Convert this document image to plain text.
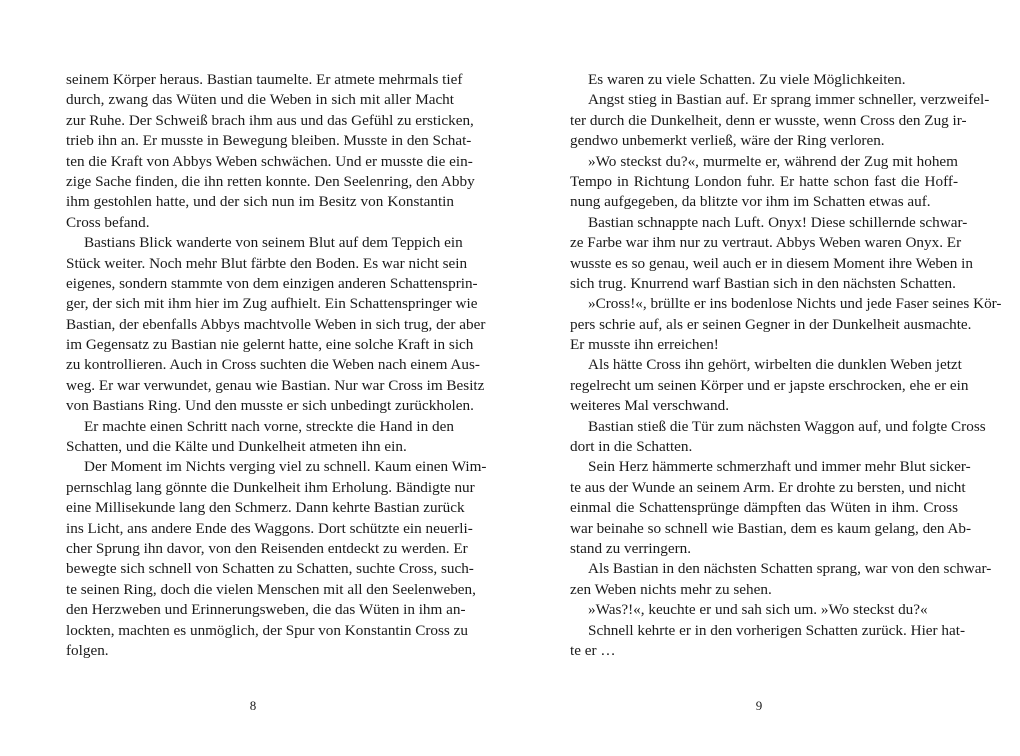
seinem Körper heraus. Bastian taumelte. Er atmete mehrmals tief
durch, zwang das Wüten und die Weben in sich mit aller Macht
zur Ruhe. Der Schweiß brach ihm aus und das Gefühl zu ersticken,
trieb ihn an. Er musste in Bewegung bleiben. Musste in den Schat-
ten die Kraft von Abbys Weben schwächen. Und er musste die ein-
zige Sache finden, die ihn retten konnte. Den Seelenring, den Abby
ihm gestohlen hatte, und der sich nun im Besitz von Konstantin
Cross befand.
Bastians Blick wanderte von seinem Blut auf dem Teppich ein
Stück weiter. Noch mehr Blut färbte den Boden. Es war nicht sein
eigenes, sondern stammte von dem einzigen anderen Schattensprin-
ger, der sich mit ihm hier im Zug aufhielt. Ein Schattenspringer wie
Bastian, der ebenfalls Abbys machtvolle Weben in sich trug, der aber
im Gegensatz zu Bastian nie gelernt hatte, eine solche Kraft in sich
zu kontrollieren. Auch in Cross suchten die Weben nach einem Aus-
weg. Er war verwundet, genau wie Bastian. Nur war Cross im Besitz
von Bastians Ring. Und den musste er sich unbedingt zurückholen.
Er machte einen Schritt nach vorne, streckte die Hand in den
Schatten, und die Kälte und Dunkelheit atmeten ihn ein.
Der Moment im Nichts verging viel zu schnell. Kaum einen Wim-
pernschlag lang gönnte die Dunkelheit ihm Erholung. Bändigte nur
eine Millisekunde lang den Schmerz. Dann kehrte Bastian zurück
ins Licht, ans andere Ende des Waggons. Dort schützte ein neuerli-
cher Sprung ihn davor, von den Reisenden entdeckt zu werden. Er
bewegte sich schnell von Schatten zu Schatten, suchte Cross, such-
te seinen Ring, doch die vielen Menschen mit all den Seelenweben,
den Herzweben und Erinnerungsweben, die das Wüten in ihm an-
lockten, machten es unmöglich, der Spur von Konstantin Cross zu
folgen.
8
Es waren zu viele Schatten. Zu viele Möglichkeiten.
Angst stieg in Bastian auf. Er sprang immer schneller, verzweifel-
ter durch die Dunkelheit, denn er wusste, wenn Cross den Zug ir-
gendwo unbemerkt verließ, wäre der Ring verloren.
»Wo steckst du?«, murmelte er, während der Zug mit hohem
Tempo in Richtung London fuhr. Er hatte schon fast die Hoff-
nung aufgegeben, da blitzte vor ihm im Schatten etwas auf.
Bastian schnappte nach Luft. Onyx! Diese schillernde schwar-
ze Farbe war ihm nur zu vertraut. Abbys Weben waren Onyx. Er
wusste es so genau, weil auch er in diesem Moment ihre Weben in
sich trug. Knurrend warf Bastian sich in den nächsten Schatten.
»Cross!«, brüllte er ins bodenlose Nichts und jede Faser seines Kör-
pers schrie auf, als er seinen Gegner in der Dunkelheit ausmachte.
Er musste ihn erreichen!
Als hätte Cross ihn gehört, wirbelten die dunklen Weben jetzt
regelrecht um seinen Körper und er japste erschrocken, ehe er ein
weiteres Mal verschwand.
Bastian stieß die Tür zum nächsten Waggon auf, und folgte Cross
dort in die Schatten.
Sein Herz hämmerte schmerzhaft und immer mehr Blut sicker-
te aus der Wunde an seinem Arm. Er drohte zu bersten, und nicht
einmal die Schattensprünge dämpften das Wüten in ihm. Cross
war beinahe so schnell wie Bastian, dem es kaum gelang, den Ab-
stand zu verringern.
Als Bastian in den nächsten Schatten sprang, war von den schwar-
zen Weben nichts mehr zu sehen.
»Was?!«, keuchte er und sah sich um. »Wo steckst du?«
Schnell kehrte er in den vorherigen Schatten zurück. Hier hat-
te er …
9
